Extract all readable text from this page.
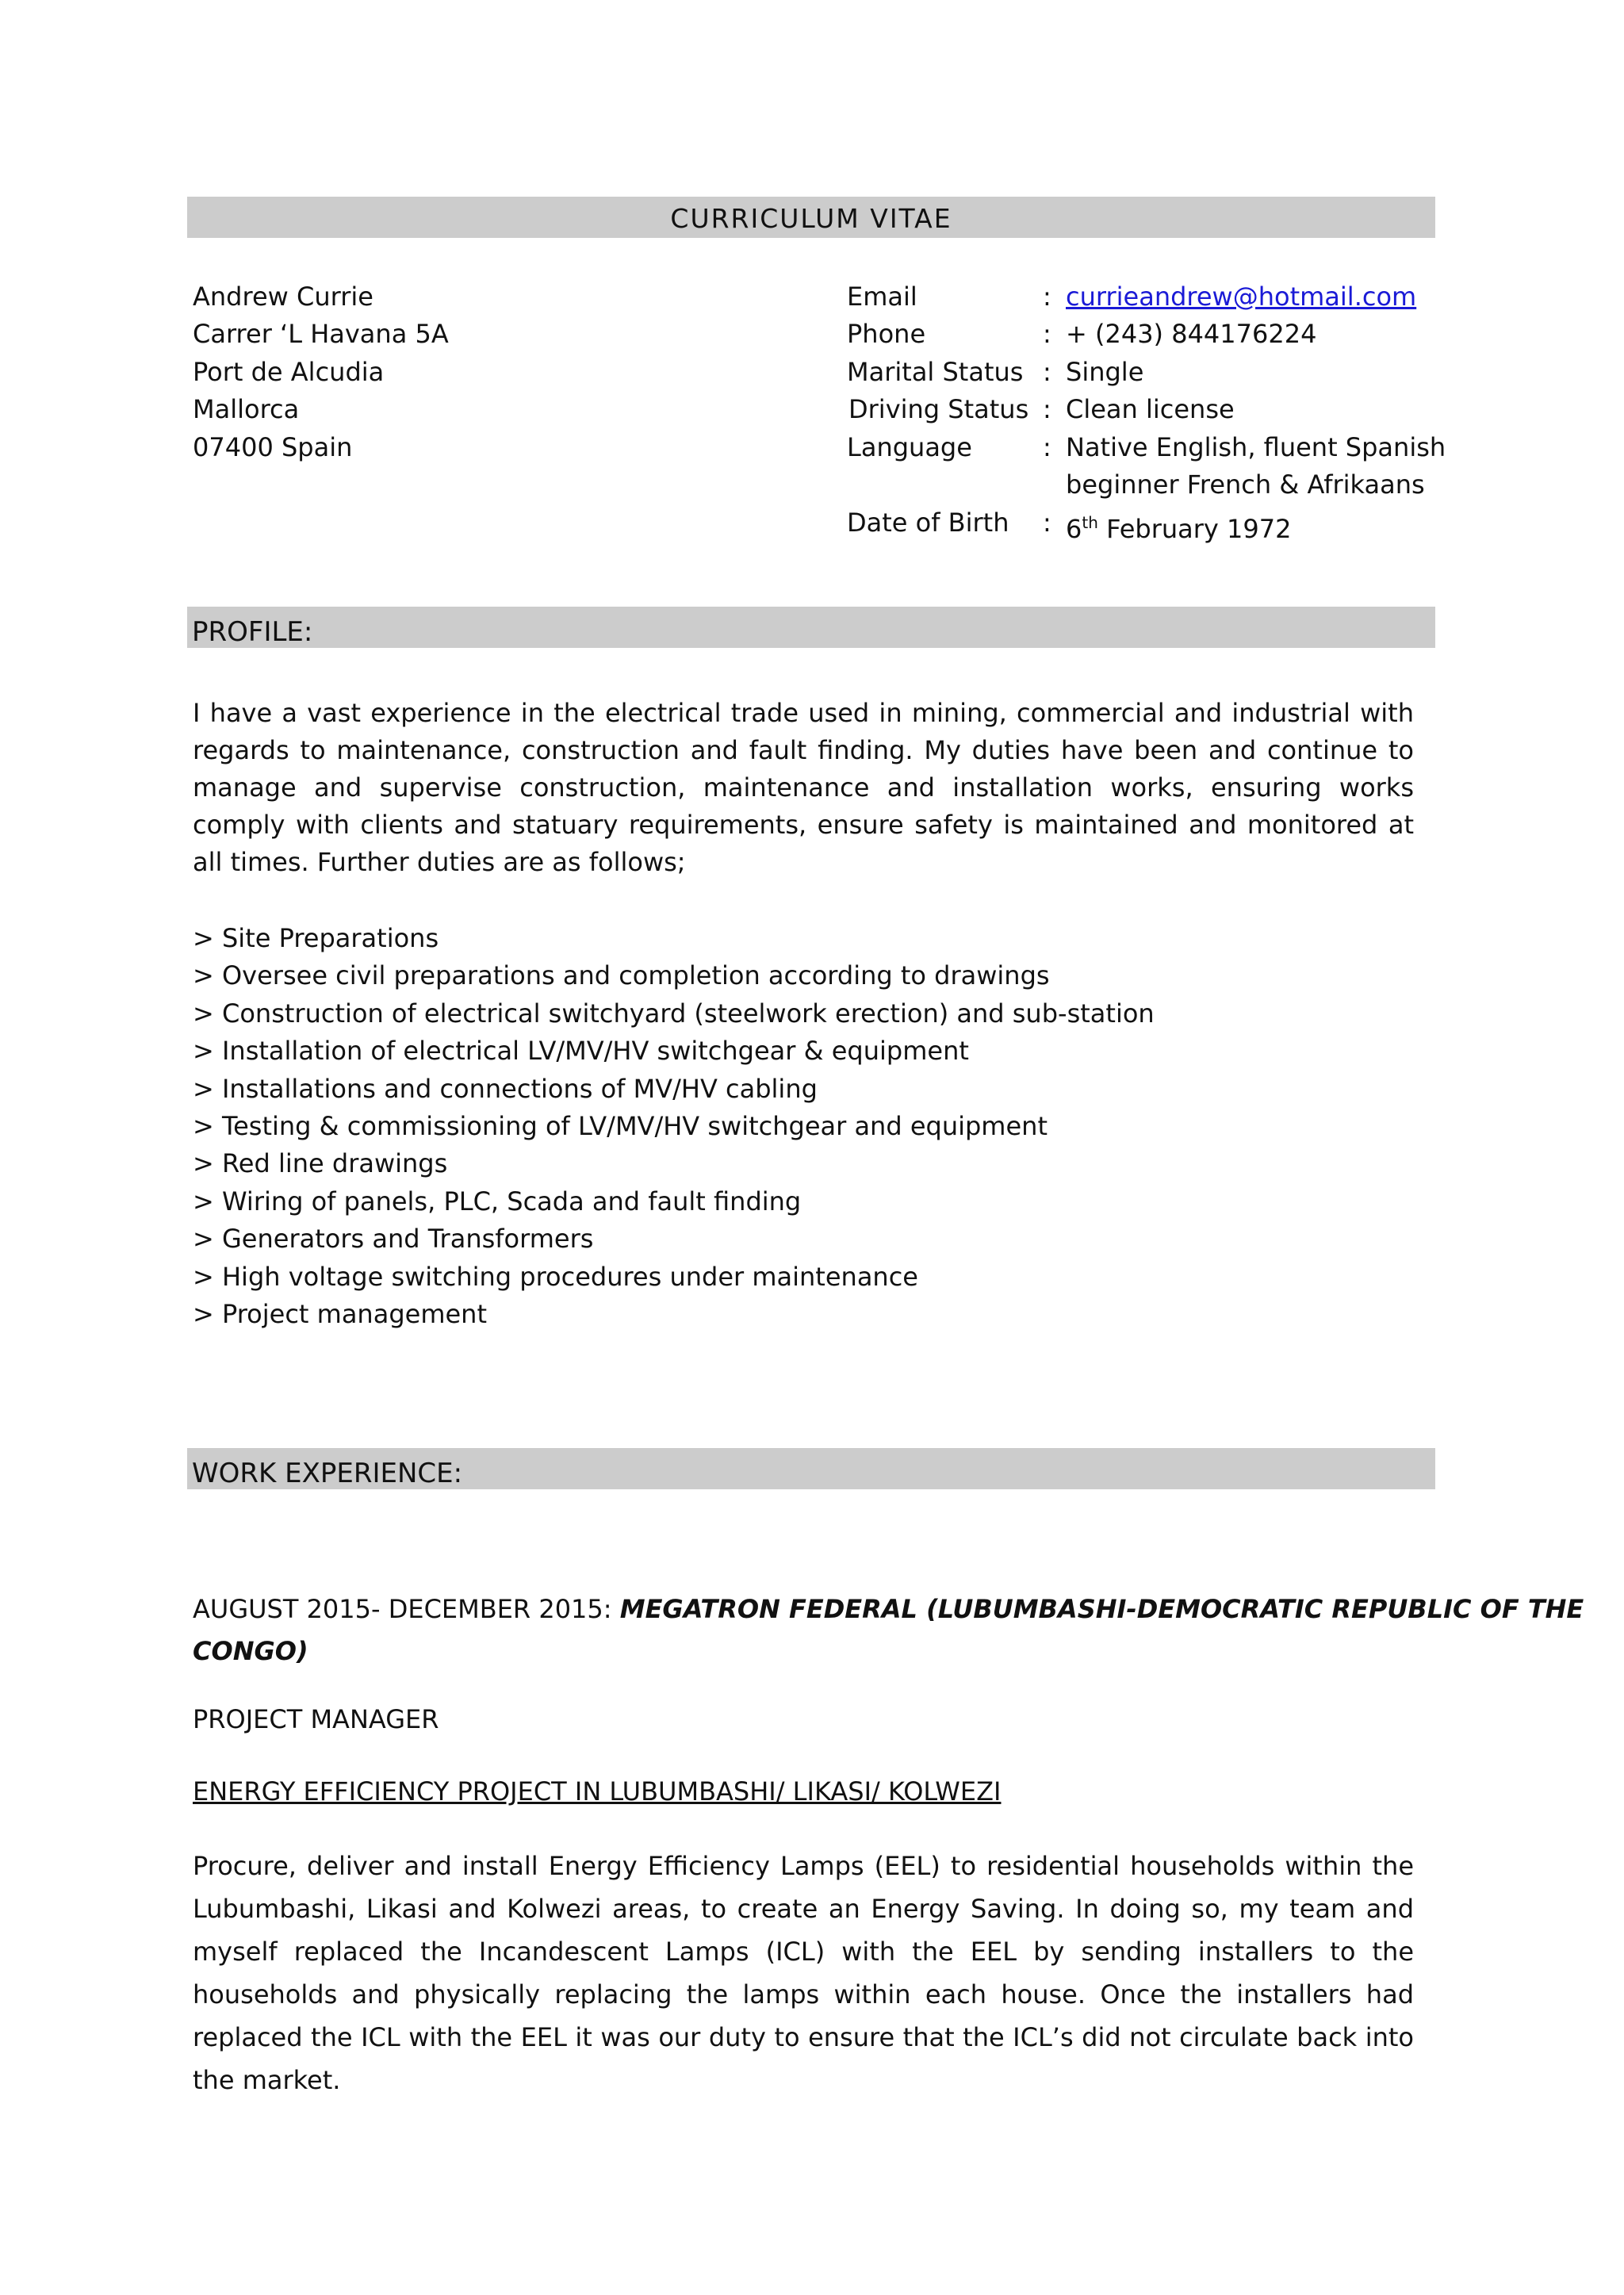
CURRICULUM VITAE
Andrew Currie
Carrer ‘L Havana 5A
Port de Alcudia
Mallorca
07400 Spain
Email	: currieandrew@hotmail.com
Phone	: + (243) 844176224
Marital Status : Single
Driving Status : Clean license
Language	: Native English, fluent Spanish
beginner French & Afrikaans
Date of Birth : 6th February 1972
PROFILE:
I have a vast experience in the electrical trade used in mining, commercial and industrial with regards to maintenance, construction and fault finding. My duties have been and continue to manage and supervise construction, maintenance and installation works, ensuring works comply with clients and statuary requirements, ensure safety is maintained and monitored at all times. Further duties are as follows;
> Site Preparations
> Oversee civil preparations and completion according to drawings
> Construction of electrical switchyard (steelwork erection) and sub-station
> Installation of electrical LV/MV/HV switchgear & equipment
> Installations and connections of MV/HV cabling
> Testing & commissioning of LV/MV/HV switchgear and equipment
> Red line drawings
> Wiring of panels, PLC, Scada and fault finding
> Generators and Transformers
> High voltage switching procedures under maintenance
> Project management
WORK EXPERIENCE:
AUGUST 2015- DECEMBER 2015: MEGATRON FEDERAL (LUBUMBASHI-DEMOCRATIC REPUBLIC OF THE
CONGO)
PROJECT MANAGER
ENERGY EFFICIENCY PROJECT IN LUBUMBASHI/ LIKASI/ KOLWEZI
Procure, deliver and install Energy Efficiency Lamps (EEL) to residential households within the Lubumbashi, Likasi and Kolwezi areas, to create an Energy Saving. In doing so, my team and myself replaced the Incandescent Lamps (ICL) with the EEL by sending installers to the households and physically replacing the lamps within each house. Once the installers had replaced the ICL with the EEL it was our duty to ensure that the ICL’s did not circulate back into the market.
